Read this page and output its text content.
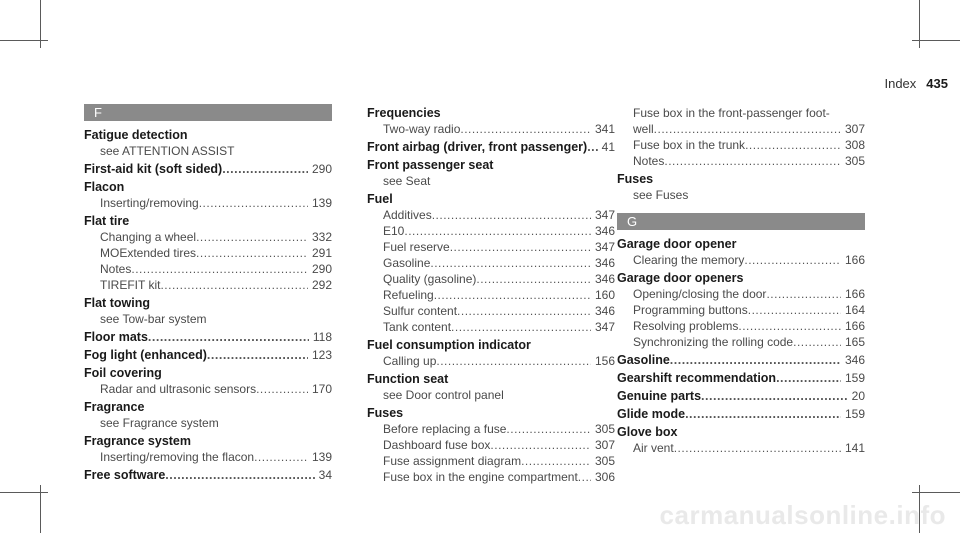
Index 435
F
Fatigue detection
see ATTENTION ASSIST
First-aid kit (soft sided) .....	290
Flacon
Inserting/removing .....	139
Flat tire
Changing a wheel .....	332
MOExtended tires .....	291
Notes .....	290
TIREFIT kit .....	292
Flat towing
see Tow-bar system
Floor mats .....	118
Fog light (enhanced) .....	123
Foil covering
Radar and ultrasonic sensors .....	170
Fragrance
see Fragrance system
Fragrance system
Inserting/removing the flacon .....	139
Free software .....	34
Frequencies
Two-way radio .....	341
Front airbag (driver, front passenger) .....	41
Front passenger seat
see Seat
Fuel
Additives .....	347
E10 .....	346
Fuel reserve .....	347
Gasoline .....	346
Quality (gasoline) .....	346
Refueling .....	160
Sulfur content .....	346
Tank content .....	347
Fuel consumption indicator
Calling up .....	156
Function seat
see Door control panel
Fuses
Before replacing a fuse .....	305
Dashboard fuse box .....	307
Fuse assignment diagram .....	305
Fuse box in the engine compartment .....	306
Fuse box in the front-passenger foot-
well .....	307
Fuse box in the trunk .....	308
Notes .....	305
Fuses
see Fuses
G
Garage door opener
Clearing the memory .....	166
Garage door openers
Opening/closing the door .....	166
Programming buttons .....	164
Resolving problems .....	166
Synchronizing the rolling code .....	165
Gasoline .....	346
Gearshift recommendation .....	159
Genuine parts .....	20
Glide mode .....	159
Glove box
Air vent .....	141
carmanualsonline.info
